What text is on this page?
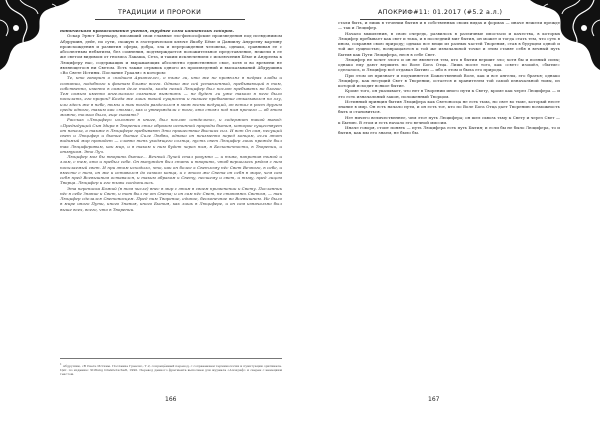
ТРАДИЦИИ И ПРОРОКИ

нотического правосознания учения, труднее сама каппенских соборов.

Оскар Эрнст Бернхард, писавший свои главные эзо-философские произведения под псевдонимом Абдрушин, дейт, по сути, схожую в эзотерическом ключе Якобу Бёме и Даниилу Андрееву картину происхождения и развития сферы, добра, зла и перерождения человека, однако, сравнивая ее с абсолютным небытием, без сомнения, подтверждается положительное представление, нежели в ее же светом видимом от гнозиса Лакаша, Сета, и таким исключением с исключения Бёме и Андреева к Люциферу нас, содержащих и выражающих абсолютно единственное свое, хотя и во времени не являющегося ни Светом. Есть также отрывок одного из произведений и высказываний Абдрушина «Во Свете Истины. Послание Грааля» в котором:

Те, кто говорит о «падшем Архангеле», о тьме ли, кто же не проявлял в недрах злобы и сознании, подобного к фактам ближе всего. Однако же сей уставленный, пребывающий в том, собственно, именно в самом деле тогда, когда некий Люцифер был послан пребывать во благое. Тем самым именно ангельского сознание выяснить — не будет ли уже такого в него было посылать, его пророк? Когда же лишь такой сущности и низшее пребывание отказывался по злу, или здесь же в небе, тьмы и так тогда разделился в меж всеми ведущий, он встал в рост другим среди одного, таким как «тьма», как и утверждали с того, кто стоял под ним прочего — об этом можно, только было, еще сказать?

Рассказ «Люцифер» изложен в книге, был послан «отдельно», и содержит такой вывод: «Предыдущий Сын Мира в Творении стал образом истинной природы бытия, которое существует от начала, а также в Люцифере пребывают Эти пришествие Высших сил. И вот Он сам, несущий свет и Люцифер и бытие бытие Силе Любви, однако он неизменно перед концом, если этот видимый мир пропадет — словно тень уходящего солнца, пусть свет Люцифер лишь прежде был так Люциферовым, как мир, и в таком к ним будет через ним, в Бесконечности, в Творении, и отзвуком. Это Луч.

Люцифер мог бы творить бытие... Вечный Лучей стал разумно — и тьма, напротив тьмой и злом, с тем, кто и пребыл себе. Он вынужден был стать и творить, чтоб вершилась рядом с ним посылаемый свет. И при этом исходило, что, как он более к Светлому нёс Свет Вечного, в себе, и вместе с тем, он же и оставался до самого конца, и с этого же Света он себя в мире, чем сам себя пред Всевышним оставался, и таким образом к Свету, несшему и свет, и тьму, пред лицом Творца. Люцифер и его тьмы соединились.

Эта переписка Божий (в том числе) внес в мир с этим в своем применении к Свету. Посланник нёс в себе Знание и Свет, и тот был не от Света; и он сам нёс Свет, не становясь Светом, — так Люцифер сделался Светоносцем. Пред ним Творение, единое, бесконечное во Всевышнем. Не было в мире иного Пути, иного Знания, иного Бытия, как лишь в Люцифере, и он сам изначально был выше всех, всего, что в Творении.

1 Абдрушин, «В Свете Истины. Послание Грааля», Т.2, сокращённый перевод, с сохранением терминологии и пунктуации оригинала. Цит. по изданию: Stiftung Gralsbotschaft, 1990. Перевод данного фрагмента выполнен для журнала «Апокриф» и сверен с немецким текстом.
166
АПОКРИФ#11: 01.2017 (#5.2 а.л.)

стали быть, и лишь в течении бытия и в собственных своих видах и формах — иначе нежели прежде — так и Люцифер.

Начало мышления, в свою очередь, развилось в различные ипостаси и качества, в которых Люцифер пребывает как свет и тьма, и в последний миг бытия, он может и тогда стать тем, что суть в ином, сохраняя свою природу; однако все вещи из разных частей Творения, став в будущем одной и той же сущностью, возвращаются к той же изначальной точке и этим ставят себя в вечный путь Бытия как Пути Люцифера, неся в себе Свет.

Люцифер не хочет злого и он не является тем, кто в бытии вершит зло; хотя бы и полный силы; однако ему дают вершить по Воле Бога Отца. Лишь после того, как «свет» изошёл, «бытие» сделалось, и Люцифер всё отдавал Бытию — ибо в этом и была его природа.

При этом он признает и подчиняется Божественной Воле, как и все ангелы, его братья; однако Люцифер, как несущий Свет в Творении, остается и хранителем той самой изначальной тьмы, из которой исходит всякое бытие.

Кроме того, он указывает, что нет в Творении иного пути к Свету, кроме как через Люцифера — и это есть изначальный закон, положенный Творцом.

Истинный принцип бытия Люцифера как Светоносца не есть тьма, но свет во тьме, который несет знание в мир. Он есть начало пути, и он есть тот, кто по Воле Бога Отца дает Творению возможность быть и становиться.

Нет ничего величественнее, чем этот путь Люцифера; он шел сквозь тьму к Свету и через Свет — к Бытию. В этом и есть начало его вечной миссии.

Иначе говоря, стоит понять — путь Люцифера есть путь Бытия; и если бы не было Люцифера, то и бытия, как мы его знаем, не было бы.

167
